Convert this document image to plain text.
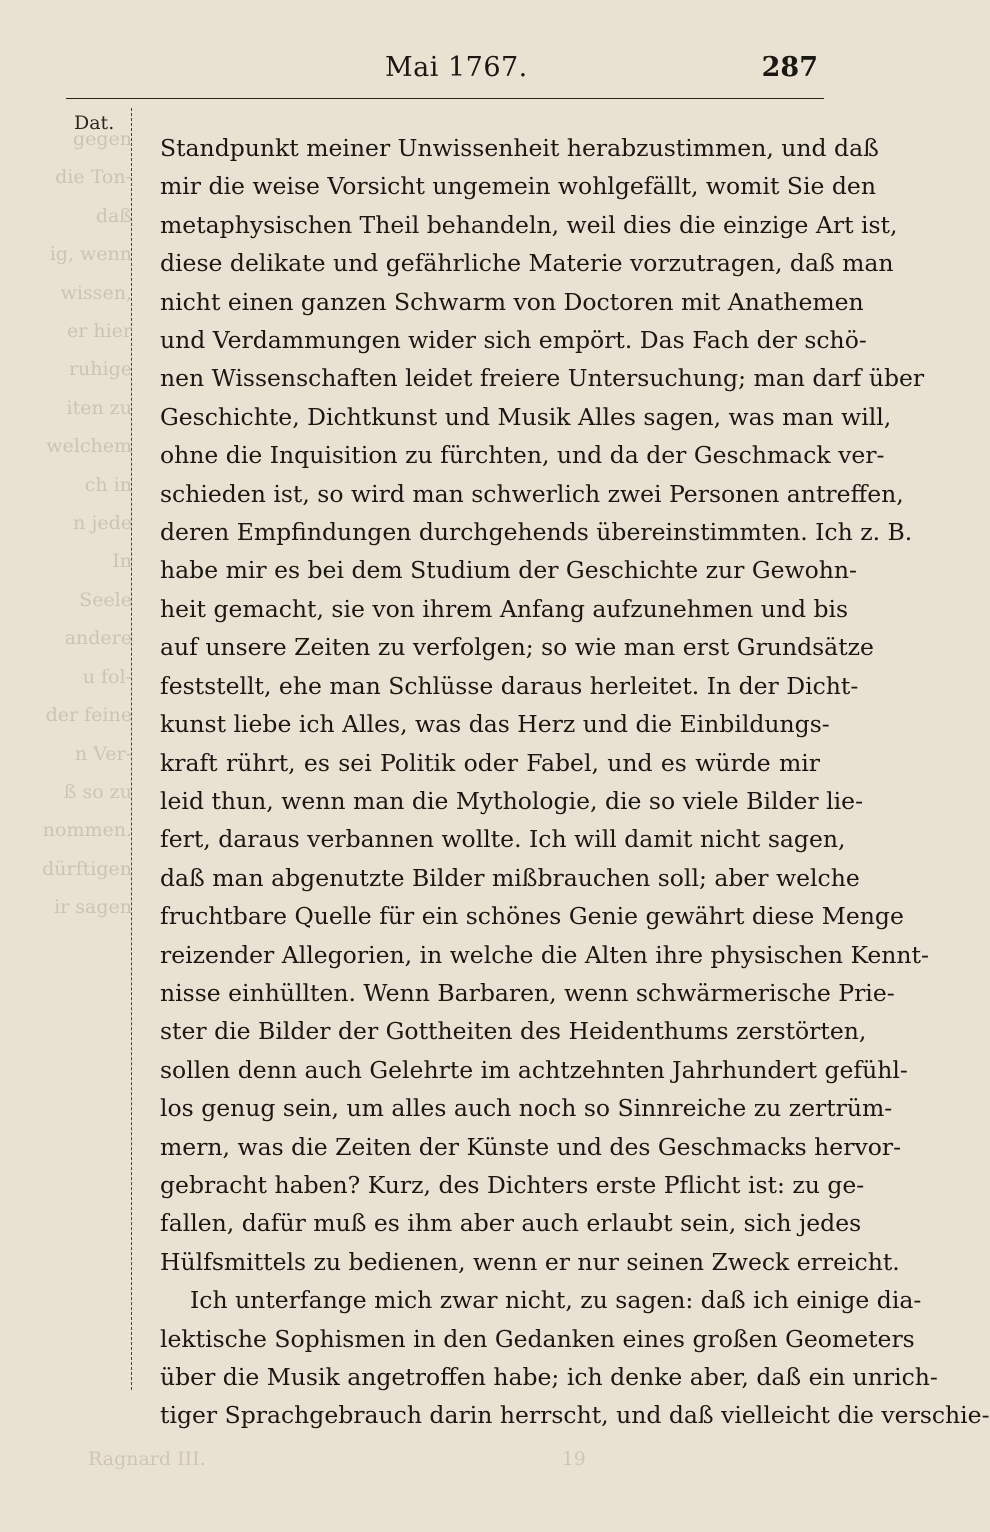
Mai 1767.	287
Dat.
gegen
die Ton-
daß
ig, wenn
wissen,
er hier
ruhige
iten zu
welchem
ch in
n jede
In
Seele
andere
u fol-
der feine
n Ver-
ß so zu
nommen.
dürftigen
ir sagen
Standpunkt meiner Unwissenheit herabzustimmen, und daß
mir die weise Vorsicht ungemein wohlgefällt, womit Sie den
metaphysischen Theil behandeln, weil dies die einzige Art ist,
diese delikate und gefährliche Materie vorzutragen, daß man
nicht einen ganzen Schwarm von Doctoren mit Anathemen
und Verdammungen wider sich empört. Das Fach der schö-
nen Wissenschaften leidet freiere Untersuchung; man darf über
Geschichte, Dichtkunst und Musik Alles sagen, was man will,
ohne die Inquisition zu fürchten, und da der Geschmack ver-
schieden ist, so wird man schwerlich zwei Personen antreffen,
deren Empfindungen durchgehends übereinstimmten. Ich z. B.
habe mir es bei dem Studium der Geschichte zur Gewohn-
heit gemacht, sie von ihrem Anfang aufzunehmen und bis
auf unsere Zeiten zu verfolgen; so wie man erst Grundsätze
feststellt, ehe man Schlüsse daraus herleitet. In der Dicht-
kunst liebe ich Alles, was das Herz und die Einbildungs-
kraft rührt, es sei Politik oder Fabel, und es würde mir
leid thun, wenn man die Mythologie, die so viele Bilder lie-
fert, daraus verbannen wollte. Ich will damit nicht sagen,
daß man abgenutzte Bilder mißbrauchen soll; aber welche
fruchtbare Quelle für ein schönes Genie gewährt diese Menge
reizender Allegorien, in welche die Alten ihre physischen Kennt-
nisse einhüllten. Wenn Barbaren, wenn schwärmerische Prie-
ster die Bilder der Gottheiten des Heidenthums zerstörten,
sollen denn auch Gelehrte im achtzehnten Jahrhundert gefühl-
los genug sein, um alles auch noch so Sinnreiche zu zertrüm-
mern, was die Zeiten der Künste und des Geschmacks hervor-
gebracht haben? Kurz, des Dichters erste Pflicht ist: zu ge-
fallen, dafür muß es ihm aber auch erlaubt sein, sich jedes
Hülfsmittels zu bedienen, wenn er nur seinen Zweck erreicht.
Ich unterfange mich zwar nicht, zu sagen: daß ich einige dia-
lektische Sophismen in den Gedanken eines großen Geometers
über die Musik angetroffen habe; ich denke aber, daß ein unrich-
tiger Sprachgebrauch darin herrscht, und daß vielleicht die verschie-
Ragnard III.	19
